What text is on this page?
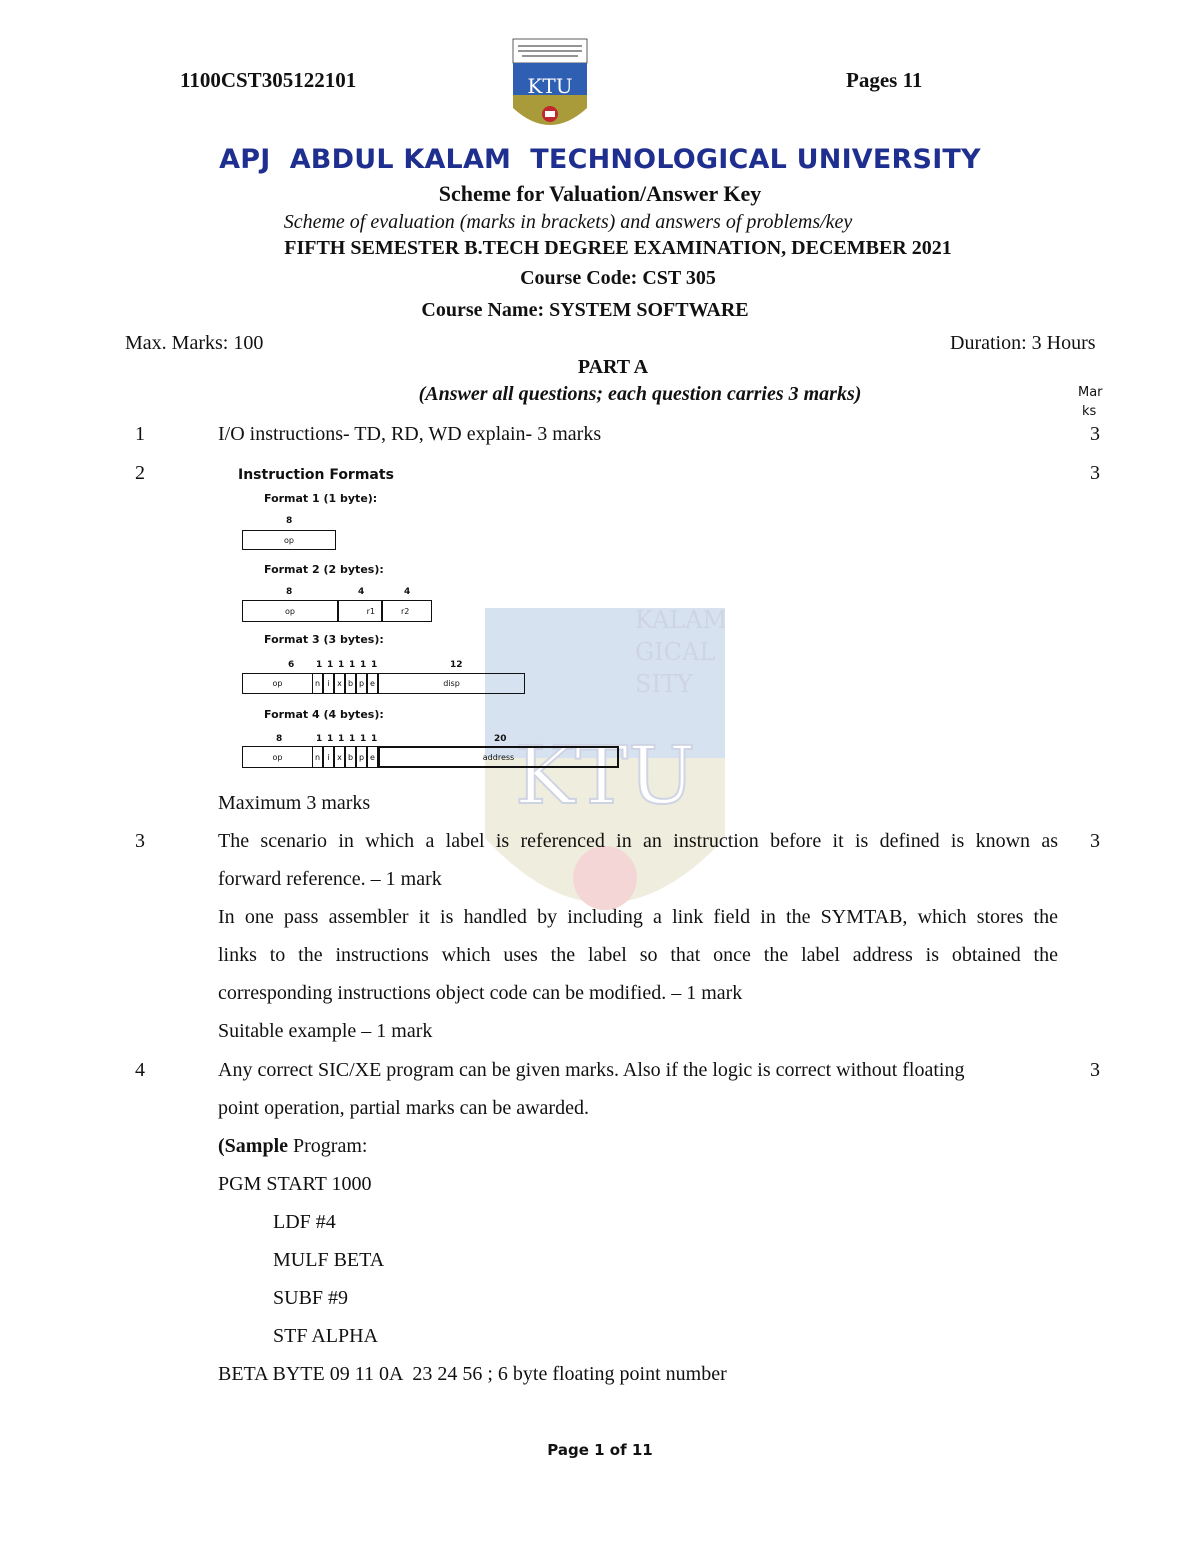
KALAM
GICAL
SITY
KTU
1100CST305122101	Pages 11
KTU
APJ  ABDUL KALAM  TECHNOLOGICAL UNIVERSITY
Scheme for Valuation/Answer Key
Scheme of evaluation (marks in brackets) and answers of problems/key
FIFTH SEMESTER B.TECH DEGREE EXAMINATION, DECEMBER 2021
Course Code: CST 305
Course Name: SYSTEM SOFTWARE
Max. Marks: 100	Duration: 3 Hours
PART A
(Answer all questions; each question carries 3 marks)	Mar
ks
1	I/O instructions- TD, RD, WD explain- 3 marks	3
2	3
Instruction Formats
Format 1 (1 byte):
8
op
Format 2 (2 bytes):
8	4	4
op	r1	r2
Format 3 (3 bytes):
6 1 1 1 1 1 1	12
op	n i x b p e	disp
Format 4 (4 bytes):
8	1 1 1 1 1 1	20
op	n i x b p e	address
Maximum 3 marks
3	3
The scenario in which a label is referenced in an instruction before it is defined is known as
forward reference. – 1 mark
In one pass assembler it is handled by including a link field in the SYMTAB, which stores the
links to the instructions which uses the label so that once the label address is obtained the
corresponding instructions object code can be modified. – 1 mark
Suitable example – 1 mark
4	3
Any correct SIC/XE program can be given marks. Also if the logic is correct without floating
point operation, partial marks can be awarded.
(Sample Program:
PGM START 1000
LDF #4
MULF BETA
SUBF #9
STF ALPHA
BETA BYTE 09 11 0A  23 24 56 ; 6 byte floating point number
Page 1 of 11
